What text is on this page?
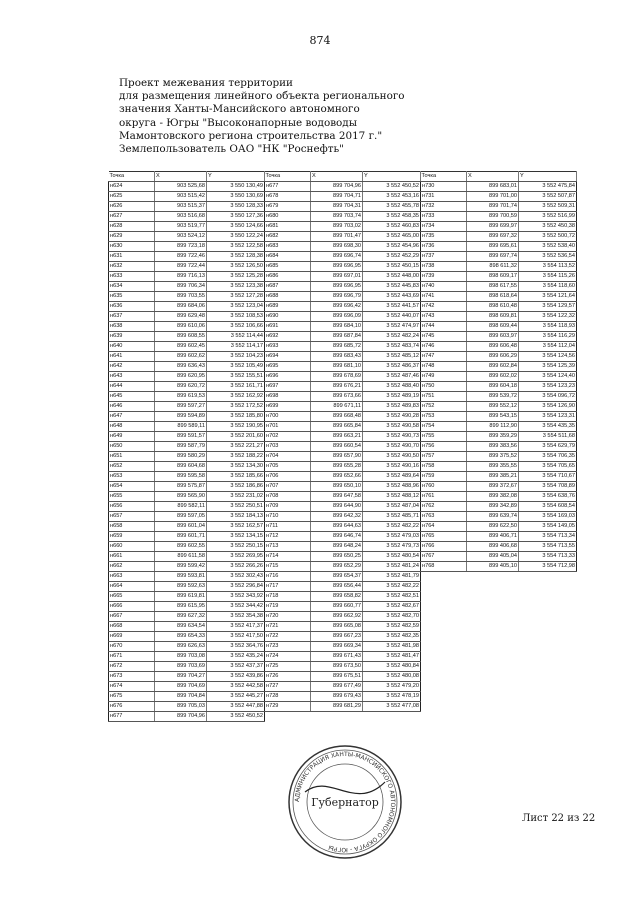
874
Проект межевания территории
для размещения линейного объекта регионального
значения Ханты-Мансийского автономного
округа - Югры "Высоконапорные водоводы
Мамонтовского региона строительства 2017 г."
Землепользователь ОАО "НК "Роснефть"
Точка	X	Y
н624	903 525,68	3 550 130,49
н625	903 515,42	3 550 130,69
н626	903 515,37	3 550 128,33
н627	903 516,68	3 550 127,36
н628	903 519,77	3 550 124,66
н629	903 524,12	3 550 122,24
н630	899 723,18	3 552 122,58
н631	899 722,46	3 552 128,38
н632	899 722,44	3 552 126,50
н633	899 716,13	3 552 125,28
н634	899 706,34	3 552 123,38
н635	899 703,55	3 552 127,28
н636	899 684,06	3 552 123,04
н637	899 629,48	3 552 108,53
н638	899 610,06	3 552 106,66
н639	899 608,55	3 552 114,44
н640	899 602,45	3 552 114,17
н641	899 602,62	3 552 104,23
н642	899 636,43	3 552 105,49
н643	899 620,95	3 552 155,51
н644	899 620,72	3 552 161,71
н645	899 619,53	3 552 162,92
н646	899 597,27	3 552 172,52
н647	899 594,89	3 552 185,80
н648	899 589,11	3 552 190,95
н649	899 591,57	3 552 201,60
н650	899 587,79	3 552 221,27
н651	899 580,29	3 552 188,22
н652	899 604,68	3 552 134,30
н653	899 595,58	3 552 185,66
н654	899 575,87	3 552 186,86
н655	899 565,90	3 552 231,02
н656	899 582,11	3 552 250,51
н657	899 597,05	3 552 184,13
н658	899 601,04	3 552 162,57
н659	899 601,71	3 552 134,15
н660	899 602,55	3 552 250,15
н661	899 611,58	3 552 269,95
н662	899 599,42	3 552 266,26
н663	899 593,81	3 552 302,43
н664	899 592,63	3 552 296,84
н665	899 619,81	3 552 343,92
н666	899 615,95	3 552 344,42
н667	899 627,32	3 552 354,38
н668	899 634,54	3 552 417,37
н669	899 654,33	3 552 417,50
н670	899 626,63	3 552 364,76
н671	899 703,08	3 552 435,24
н672	899 703,69	3 552 437,37
н673	899 704,27	3 552 439,86
н674	899 704,69	3 552 442,58
н675	899 704,84	3 552 445,27
н676	899 705,03	3 552 447,88
н677	899 704,96	3 552 450,52
Точка	X	Y
н677	899 704,96	3 552 450,52
н678	899 704,71	3 552 453,16
н679	899 704,31	3 552 455,78
н680	899 703,74	3 552 458,35
н681	899 703,02	3 552 460,83
н682	899 701,47	3 552 465,00
н683	899 698,30	3 552 454,96
н684	899 696,74	3 552 452,29
н685	899 696,95	3 552 450,15
н686	899 697,01	3 552 448,00
н687	899 696,95	3 552 445,83
н688	899 696,79	3 552 443,69
н689	899 696,42	3 552 441,57
н690	899 696,09	3 552 440,07
н691	899 684,10	3 552 474,97
н692	899 687,84	3 552 482,24
н693	899 685,72	3 552 483,74
н694	899 683,43	3 552 485,12
н695	899 681,10	3 552 486,37
н696	899 678,69	3 552 487,46
н697	899 676,21	3 552 488,40
н698	899 673,66	3 552 489,19
н699	899 671,11	3 552 489,83
н700	899 668,48	3 552 490,28
н701	899 665,84	3 552 490,58
н702	899 663,21	3 552 490,73
н703	899 660,54	3 552 490,70
н704	899 657,90	3 552 490,50
н705	899 655,28	3 552 490,16
н706	899 652,66	3 552 489,64
н707	899 650,10	3 552 488,96
н708	899 647,58	3 552 488,12
н709	899 644,90	3 552 487,04
н710	899 642,32	3 552 485,71
н711	899 644,63	3 552 482,22
н712	899 646,74	3 552 479,03
н713	899 648,24	3 552 479,73
н714	899 650,25	3 552 480,54
н715	899 652,29	3 552 481,24
н716	899 654,37	3 552 481,79
н717	899 656,44	3 552 482,22
н718	899 658,82	3 552 482,51
н719	899 660,77	3 552 482,67
н720	899 662,92	3 552 482,70
н721	899 665,08	3 552 482,59
н722	899 667,23	3 552 482,35
н723	899 669,34	3 552 481,98
н724	899 671,43	3 552 481,47
н725	899 673,50	3 552 480,84
н726	899 675,51	3 552 480,08
н727	899 677,49	3 552 479,20
н728	899 679,43	3 552 478,19
н729	899 681,29	3 552 477,08
Точка	X	Y
н730	899 683,01	3 552 475,84
н731	899 701,00	3 552 507,87
н732	899 701,74	3 552 509,31
н733	899 700,59	3 552 516,99
н734	899 699,97	3 552 450,38
н735	899 697,32	3 552 500,72
н736	899 695,61	3 552 538,40
н737	899 697,74	3 552 536,54
н738	898 611,32	3 554 113,52
н739	898 609,17	3 554 115,26
н740	898 617,55	3 554 118,60
н741	898 618,64	3 554 121,64
н742	898 610,48	3 554 129,57
н743	898 609,81	3 554 122,32
н744	898 609,44	3 554 118,93
н745	899 603,97	3 554 116,29
н746	899 606,48	3 554 112,04
н747	899 606,29	3 554 124,56
н748	899 602,84	3 554 125,39
н749	899 602,02	3 554 124,40
н750	899 604,18	3 554 123,23
н751	899 539,72	3 554 096,72
н752	899 552,12	3 554 126,90
н753	899 543,15	3 554 123,31
н754	899 112,90	3 554 435,35
н755	899 359,29	3 554 511,68
н756	899 383,56	3 554 629,79
н757	899 375,52	3 554 706,35
н758	899 355,55	3 554 705,65
н759	899 385,21	3 554 710,67
н760	899 372,67	3 554 708,89
н761	899 382,08	3 554 638,76
н762	899 342,89	3 554 608,54
н763	899 639,74	3 554 169,03
н764	899 622,50	3 554 149,05
н765	899 406,71	3 554 713,34
н766	899 406,68	3 554 713,55
н767	899 405,04	3 554 713,33
н768	899 405,10	3 554 712,98
АДМИНИСТРАЦИЯ ХАНТЫ-МАНСИЙСКОГО АВТОНОМНОГО ОКРУГА - ЮГРЫ
Губернатор
Лист 22 из 22
